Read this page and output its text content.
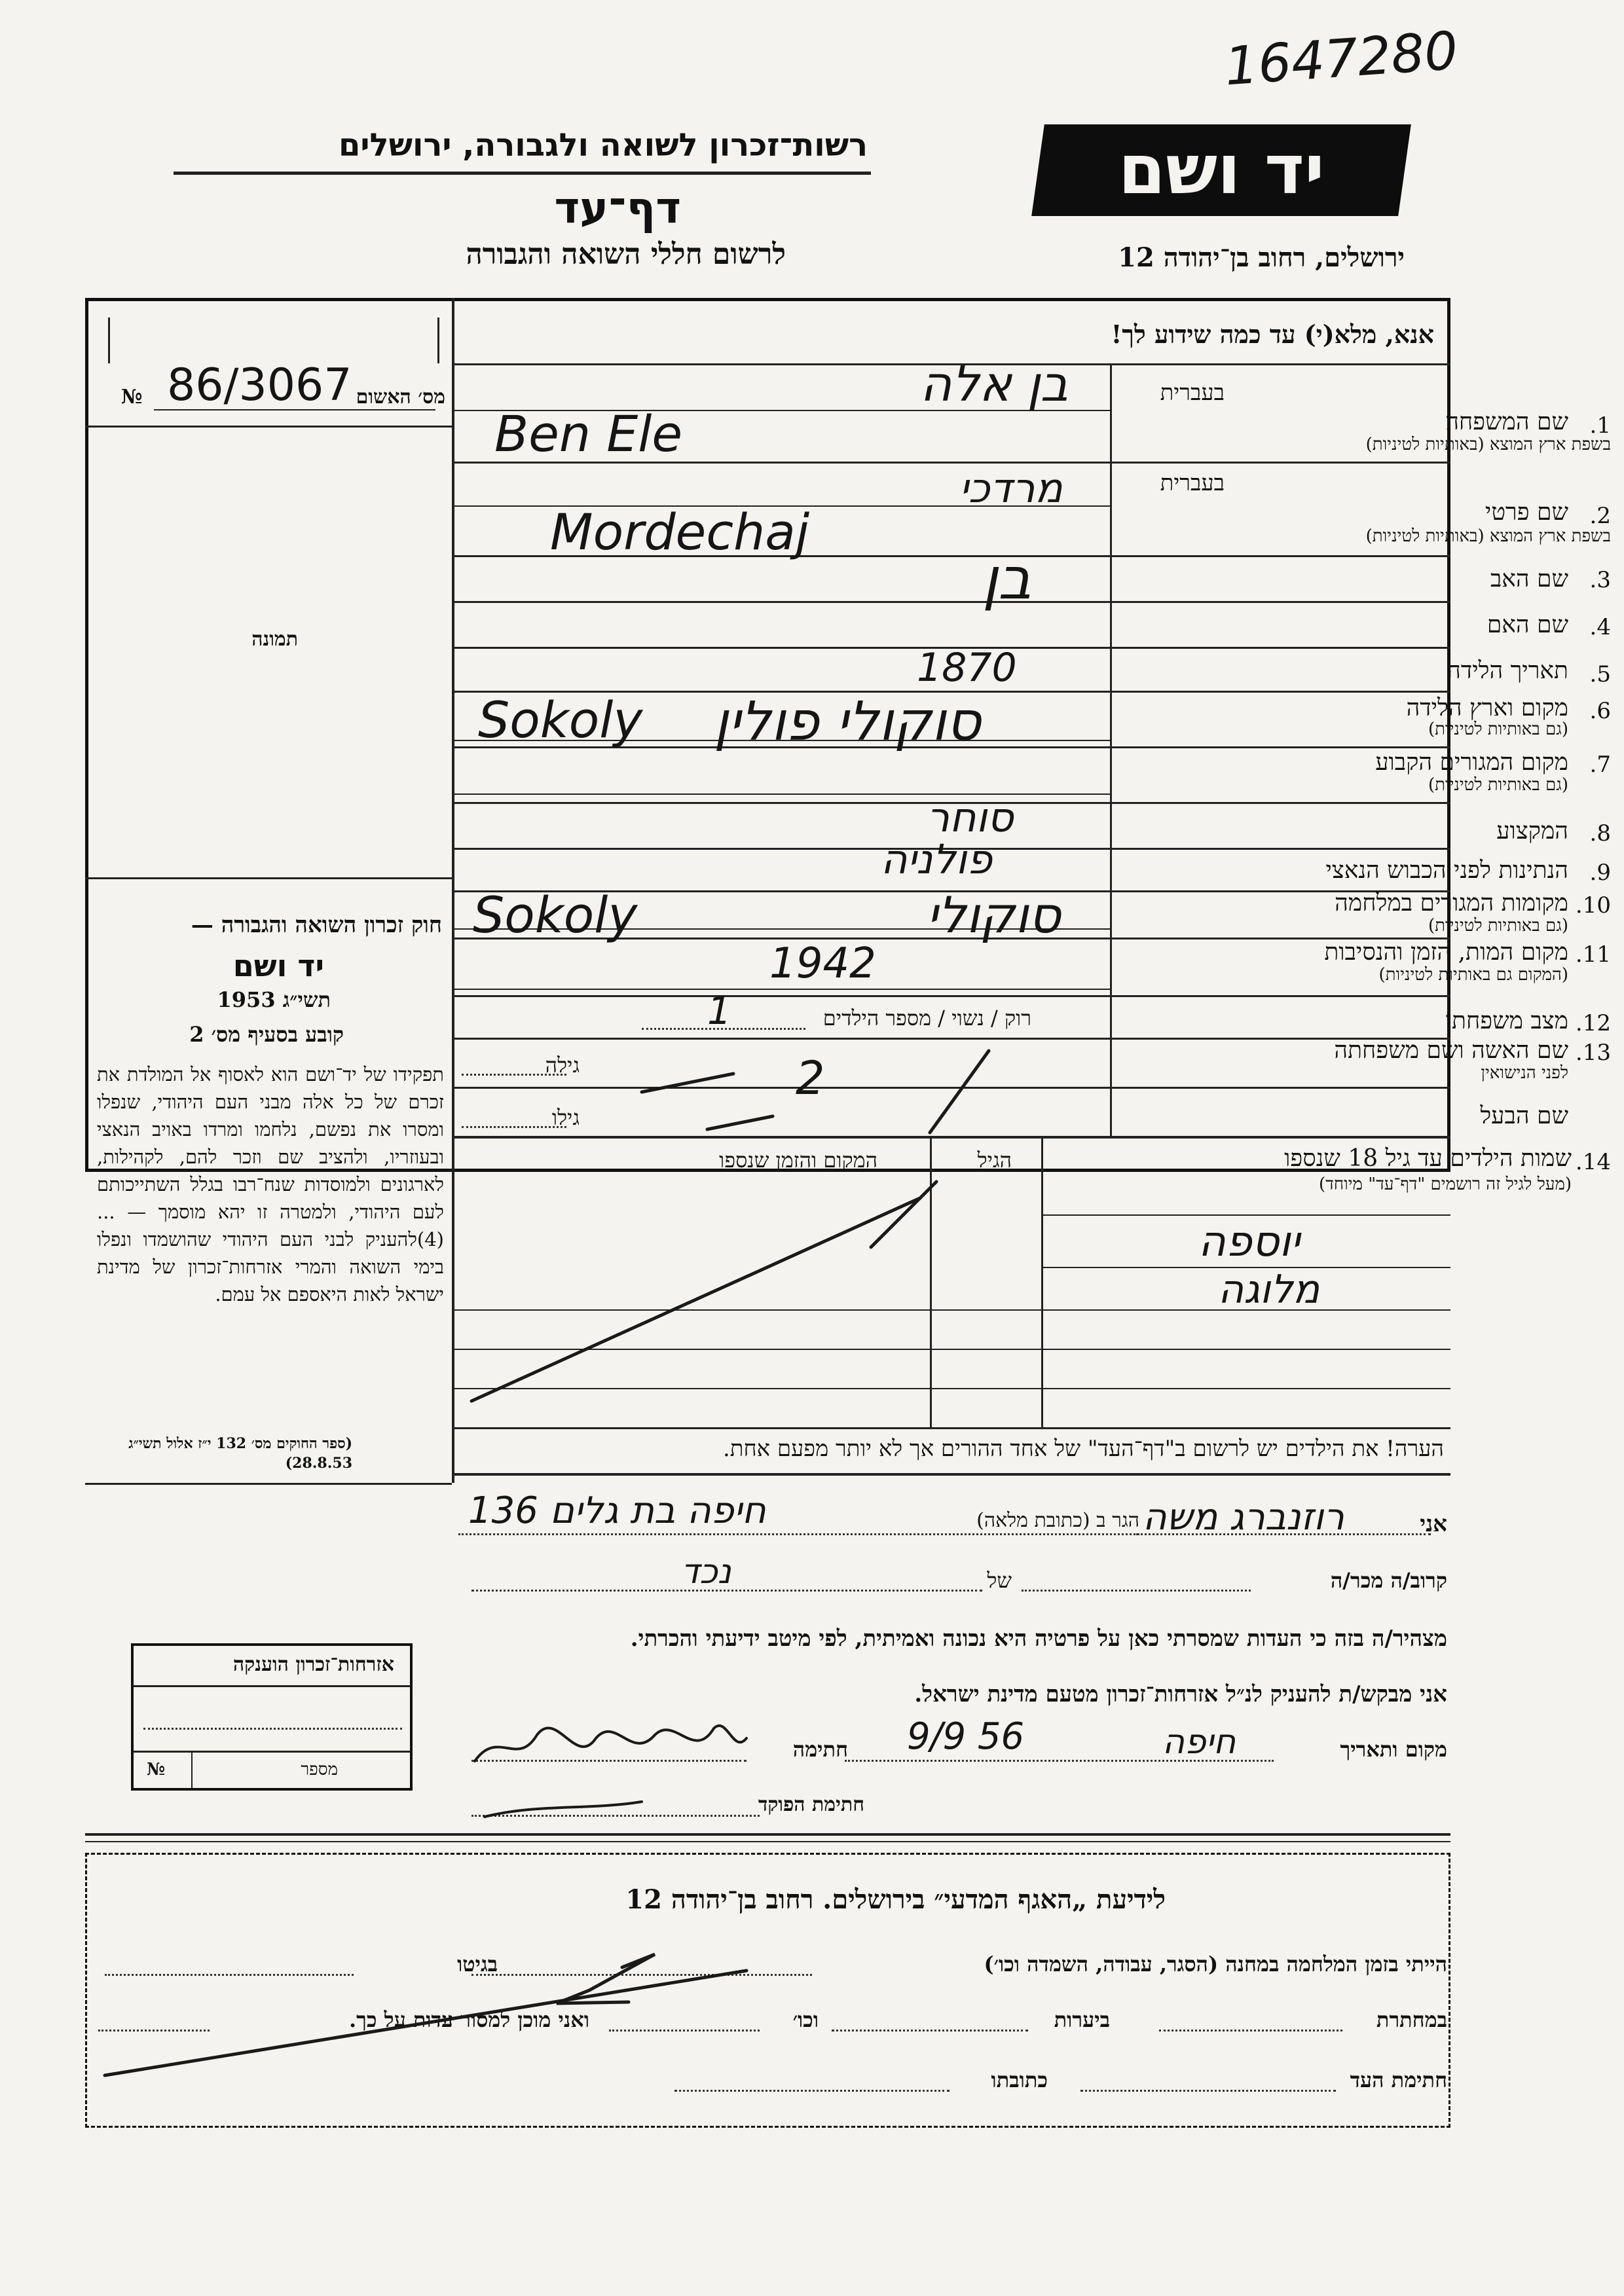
1647280
יד ושם
רשות־זכרון לשואה ולגבורה, ירושלים
דף־עד
לרשום חללי השואה והגבורה	ירושלים, רחוב בן־יהודה 12
אנא, מלא(י) עד כמה שידוע לך!
מס׳ האשום
№ 86/3067
תמונה
1.
שם המשפחה
בשפת ארץ המוצא (באותיות לטיניות)
בעברית
2.
שם פרטי
בשפת ארץ המוצא (באותיות לטיניות)
בעברית
3.
שם האב
4.
שם האם
5.
תאריך הלידה
6.
מקום וארץ הלידה
(גם באותיות לטיניות)
7.
מקום המגורים הקבוע
(גם באותיות לטיניות)
8.
המקצוע
9.
הנתינות לפני הכבוש הנאצי
10.
מקומות המגורים במלחמה
(גם באותיות לטיניות)
11.
מקום המות, הזמן והנסיבות
(המקום גם באותיות לטיניות)
12.
מצב משפחתי
רוק / נשוי / מספר הילדים
13.
שם האשה ושם משפחתה
לפני הנישואין
גילה
שם הבעל
גילו
חוק זכרון השואה והגבורה —
יד ושם
תשי״ג 1953
קובע בסעיף מס׳ 2
תפקידו של יד־ושם הוא לאסוף אל המולדת את זכרם של כל אלה מבני העם היהודי, שנפלו ומסרו את נפשם, נלחמו ומרדו באויב הנאצי ובעוזריו, ולהציב שם וזכר להם, לקהילות, לארגונים ולמוסדות שנח־רבו בגלל השתייכותם לעם היהודי, ולמטרה זו יהא מוסמך — ...(4)להעניק לבני העם היהודי שהושמדו ונפלו בימי השואה והמרי אזרחות־זכרון של מדינת ישראל לאות היאספם אל עמם.
(ספר החוקים מס׳ 132 י״ז אלול תשי״ג 28.8.53)
14.
שמות הילדים עד גיל 18 שנספו
(מעל לגיל זה רושמים "דף־עד" מיוחד)
הגיל
המקום והזמן שנספו
הערה! את הילדים יש לרשום ב"דף־העד" של אחד ההורים אך לא יותר מפעם אחת.
אני
הגר ב (כתובת מלאה)
קרוב/ה מכר/ה
של
מצהיר/ה בזה כי העדות שמסרתי כאן על פרטיה היא נכונה ואמיתית, לפי מיטב ידיעתי והכרתי.
אני מבקש/ת להעניק לנ״ל אזרחות־זכרון מטעם מדינת ישראל.
מקום ותאריך
חתימה
חתימת הפוקד
אזרחות־זכרון הוענקה
מספר
№
לידיעת „האגף המדעי״ בירושלים. רחוב בן־יהודה 12
הייתי בזמן המלחמה במחנה (הסגר, עבודה, השמדה וכו׳)
בגיטו
במחתרת
ביערות
וכו׳
ואני מוכן למסור עדות על כך.
חתימת העד
כתובתו
בן אלה
Ben Ele
מרדכי
Mordechaj
בן
1870
Sokoly סוקולי פולין
סוחר
פולניה
Sokoly	סוקולי
1942
1
2
יוספה
מלוגה
רוזנברג משה
חיפה בת גלים 136
נכד
חיפה
9/9 56
